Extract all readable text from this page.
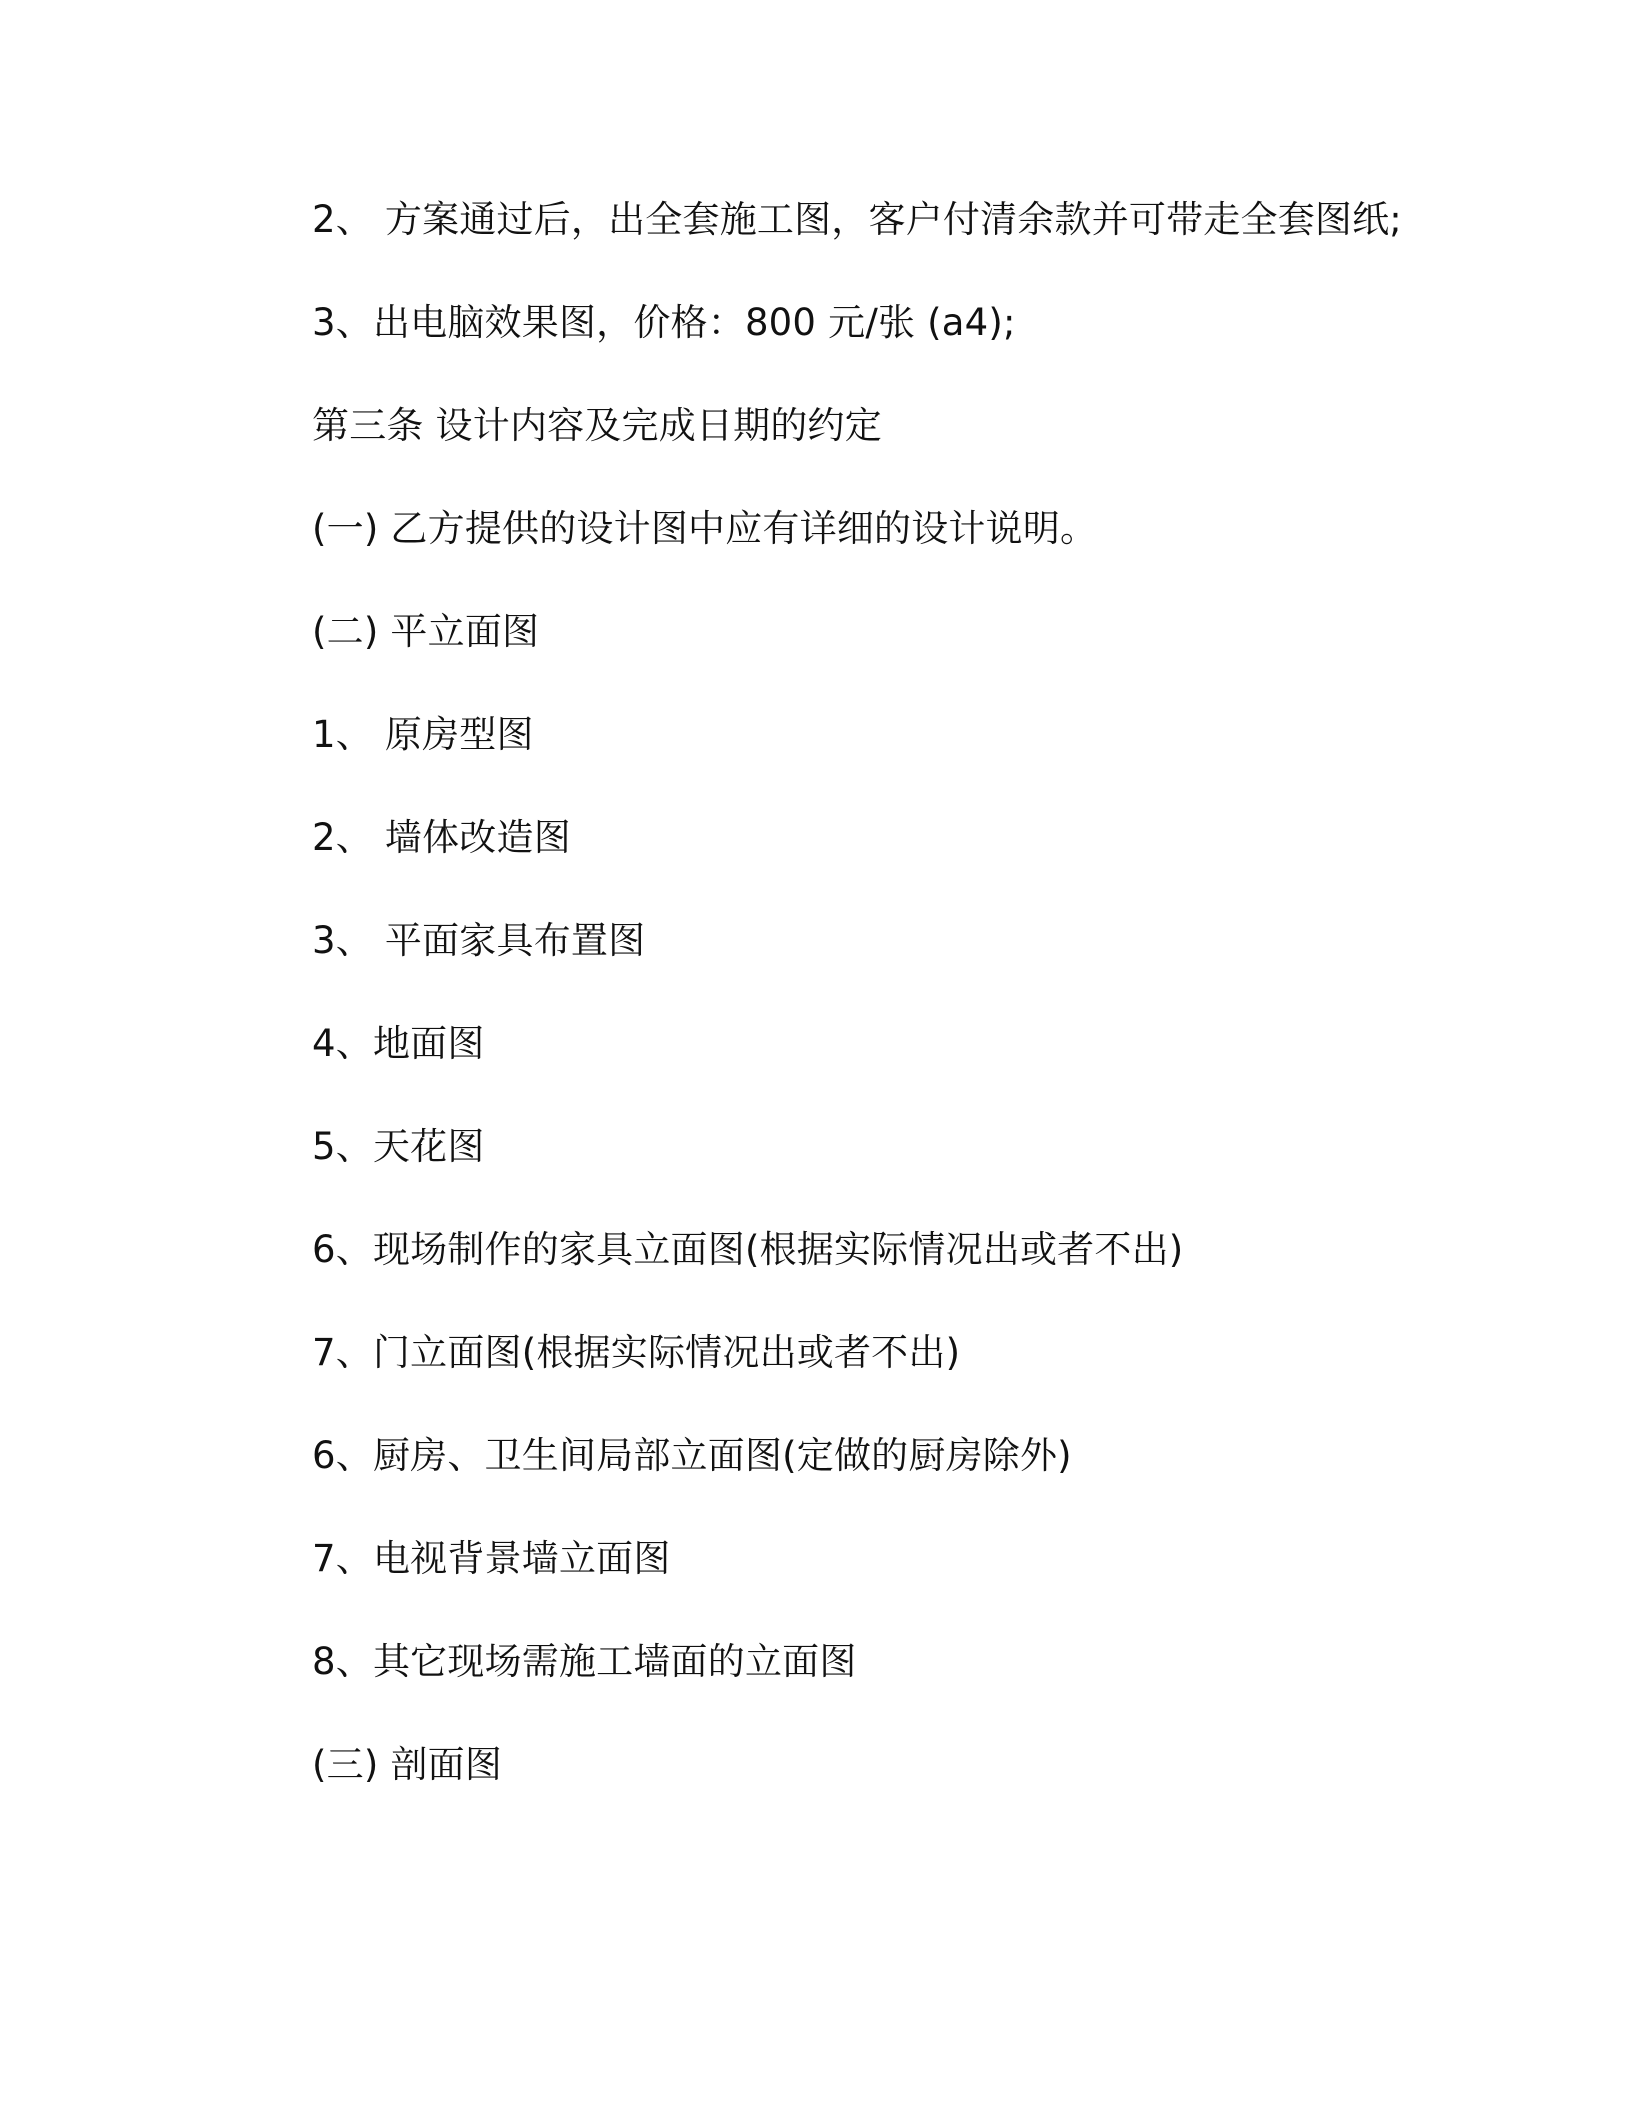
2、 方案通过后，出全套施工图，客户付清余款并可带走全套图纸;
3、出电脑效果图，价格：800 元/张 (a4);
第三条 设计内容及完成日期的约定
(一) 乙方提供的设计图中应有详细的设计说明。
(二) 平立面图
1、 原房型图
2、 墙体改造图
3、 平面家具布置图
4、地面图
5、天花图
6、现场制作的家具立面图(根据实际情况出或者不出)
7、门立面图(根据实际情况出或者不出)
6、厨房、卫生间局部立面图(定做的厨房除外)
7、电视背景墙立面图
8、其它现场需施工墙面的立面图
(三) 剖面图
